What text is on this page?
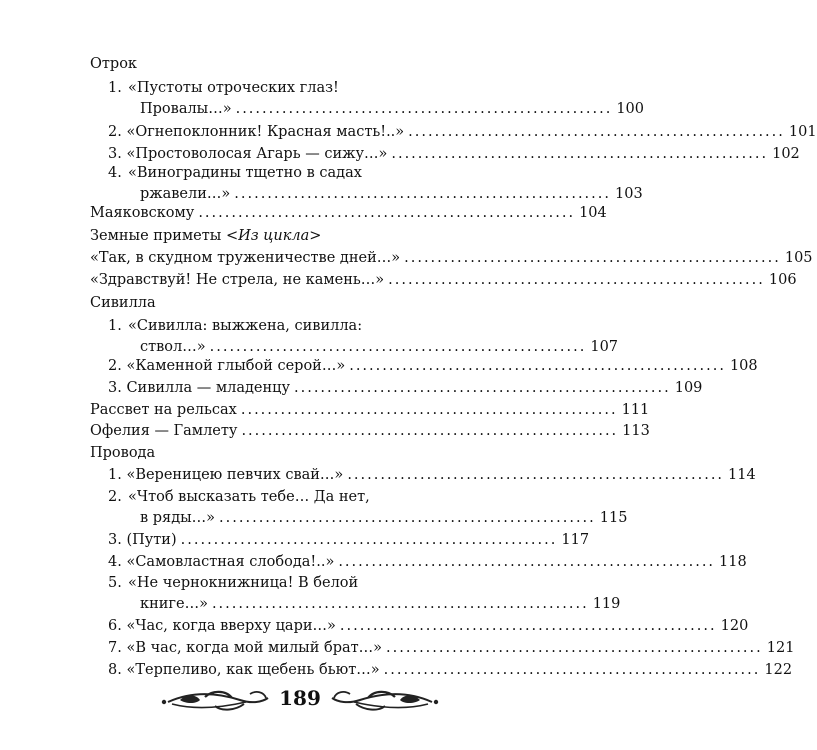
Отрок
Земные приметы <Из цикла>
Сивилла
Провода
1. «Пустоты отроческих глаз!
Провалы…» ......................................................... 100
2.
«Огнепоклонник! Красная масть!..» ......................................................... 101
3.
«Простоволосая Агарь — сижу…» ......................................................... 102
4. «Виноградины тщетно в садах
ржавели…» ......................................................... 103
Маяковскому ......................................................... 104
«Так, в скудном труженичестве дней…» ......................................................... 105
«Здравствуй! Не стрела, не камень…» ......................................................... 106
1. «Сивилла: выжжена, сивилла:
ствол…» ......................................................... 107
2.
«Каменной глыбой серой…» ......................................................... 108
3.
Сивилла — младенцу ......................................................... 109
Рассвет на рельсах ......................................................... 111
Офелия — Гамлету ......................................................... 113
1.
«Вереницею певчих свай…» ......................................................... 114
2. «Чтоб высказать тебе… Да нет,
в ряды…» ......................................................... 115
3.
(Пути) ......................................................... 117
4.
«Самовластная слобода!..» ......................................................... 118
5. «Не чернокнижница! В белой
книге…» ......................................................... 119
6.
«Час, когда вверху цари…» ......................................................... 120
7.
«В час, когда мой милый брат…» ......................................................... 121
8.
«Терпеливо, как щебень бьют…» ......................................................... 122
189
